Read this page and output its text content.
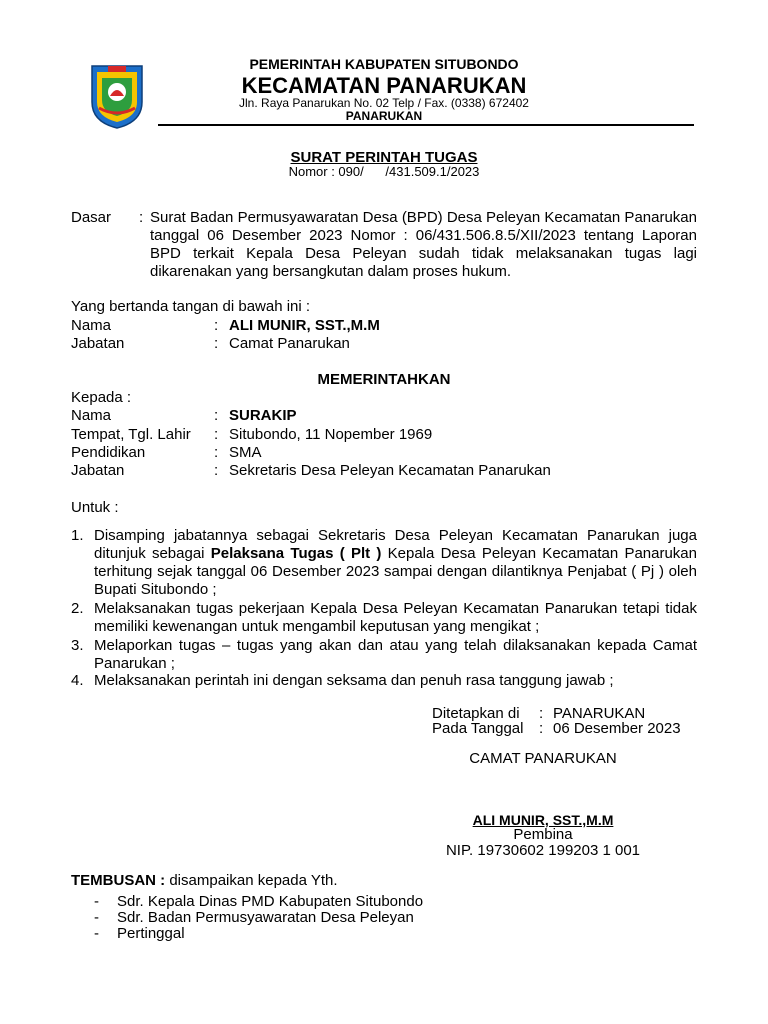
PEMERINTAH KABUPATEN SITUBONDO
KECAMATAN PANARUKAN
Jln. Raya Panarukan No. 02 Telp / Fax. (0338) 672402
PANARUKAN
SURAT PERINTAH TUGAS
Nomor : 090/      /431.509.1/2023
Dasar : Surat Badan Permusyawaratan Desa (BPD) Desa Peleyan Kecamatan Panarukan tanggal 06 Desember 2023 Nomor : 06/431.506.8.5/XII/2023 tentang Laporan BPD terkait Kepala Desa Peleyan sudah tidak melaksanakan tugas lagi dikarenakan yang bersangkutan dalam proses hukum.
Yang bertanda tangan di bawah ini :
Nama	: ALI MUNIR, SST.,M.M
Jabatan	: Camat Panarukan
MEMERINTAHKAN
Kepada :
Nama	: SURAKIP
Tempat, Tgl. Lahir : Situbondo, 11 Nopember 1969
Pendidikan	: SMA
Jabatan	: Sekretaris Desa Peleyan Kecamatan Panarukan
Untuk :
1. Disamping jabatannya sebagai Sekretaris Desa Peleyan Kecamatan Panarukan juga ditunjuk sebagai Pelaksana Tugas ( Plt ) Kepala Desa Peleyan Kecamatan Panarukan terhitung sejak tanggal 06 Desember 2023 sampai dengan dilantiknya Penjabat ( Pj ) oleh Bupati Situbondo ;
2. Melaksanakan tugas pekerjaan Kepala Desa Peleyan Kecamatan Panarukan tetapi tidak memiliki kewenangan untuk mengambil keputusan yang mengikat ;
3. Melaporkan tugas – tugas yang akan dan atau yang telah dilaksanakan kepada Camat Panarukan ;
4. Melaksanakan perintah ini dengan seksama dan penuh rasa tanggung jawab ;
Ditetapkan di : PANARUKAN
Pada Tanggal : 06 Desember 2023
CAMAT PANARUKAN
ALI MUNIR, SST.,M.M
Pembina
NIP. 19730602 199203 1 001
TEMBUSAN : disampaikan kepada Yth.
- Sdr. Kepala Dinas PMD Kabupaten Situbondo
- Sdr. Badan Permusyawaratan Desa Peleyan
- Pertinggal
